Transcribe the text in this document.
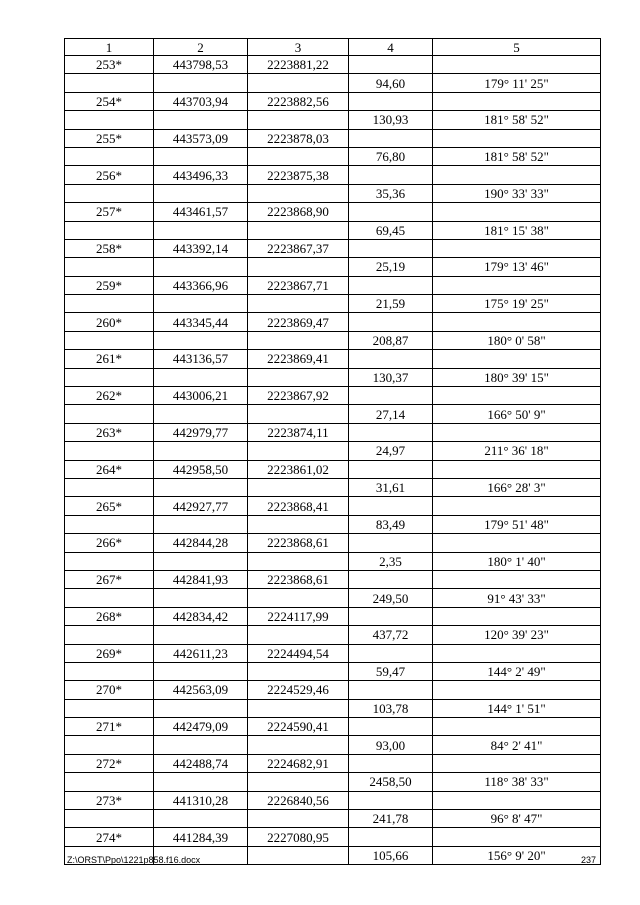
1	2	3	4	5
253*	443798,53	2223881,22		
			94,60	179° 11' 25"
254*	443703,94	2223882,56		
			130,93	181° 58' 52"
255*	443573,09	2223878,03		
			76,80	181° 58' 52"
256*	443496,33	2223875,38		
			35,36	190° 33' 33"
257*	443461,57	2223868,90		
			69,45	181° 15' 38"
258*	443392,14	2223867,37		
			25,19	179° 13' 46"
259*	443366,96	2223867,71		
			21,59	175° 19' 25"
260*	443345,44	2223869,47		
			208,87	180° 0' 58"
261*	443136,57	2223869,41		
			130,37	180° 39' 15"
262*	443006,21	2223867,92		
			27,14	166° 50' 9"
263*	442979,77	2223874,11		
			24,97	211° 36' 18"
264*	442958,50	2223861,02		
			31,61	166° 28' 3"
265*	442927,77	2223868,41		
			83,49	179° 51' 48"
266*	442844,28	2223868,61		
			2,35	180° 1' 40"
267*	442841,93	2223868,61		
			249,50	91° 43' 33"
268*	442834,42	2224117,99		
			437,72	120° 39' 23"
269*	442611,23	2224494,54		
			59,47	144° 2' 49"
270*	442563,09	2224529,46		
			103,78	144° 1' 51"
271*	442479,09	2224590,41		
			93,00	84° 2' 41"
272*	442488,74	2224682,91		
			2458,50	118° 38' 33"
273*	441310,28	2226840,56		
			241,78	96° 8' 47"
274*	441284,39	2227080,95		
			105,66	156° 9' 20"
Z:\ORST\Ppo\1221p858.f16.docx	237
